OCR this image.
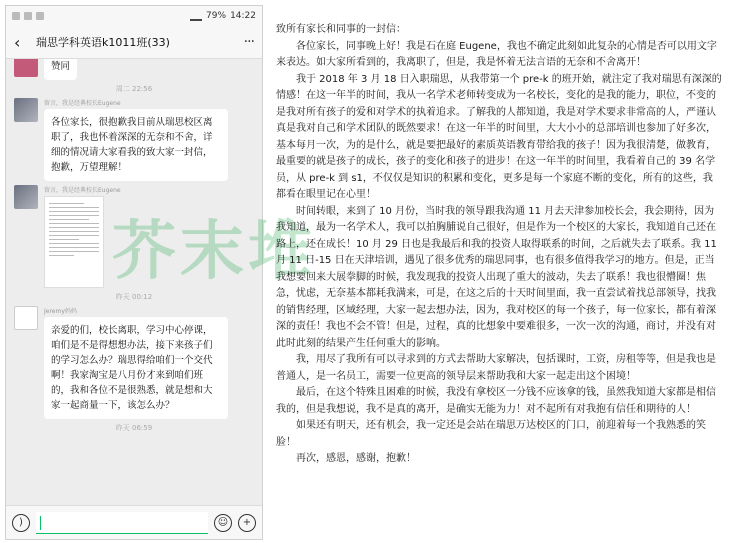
79% 14:22
‹	瑞思学科英语k1011班(33)	···
赞同
周二 22:56
留言，我是经典校长Eugene
各位家长，很抱歉我目前从瑞思校区离职了，我也怀着深深的无奈和不舍，详细的情况请大家看我的致大家一封信，抱歉，万望理解！
留言，我是经典校长Eugene
昨天 00:12
Jeremy妈妈
亲爱的们，校长离职，学习中心停课，咱们是不是得想想办法，接下来孩子们的学习怎么办？瑞思得给咱们一个交代啊！我家淘宝是八月份才来到咱们班的，我和各位不是很熟悉，就是想和大家一起商量一下，该怎么办？
昨天 06:59
)	☺	+
芥末堆

致所有家长和同事的一封信：

各位家长，同事晚上好！我是石在庭 Eugene，我也不确定此刻如此复杂的心情是否可以用文字来表达。如大家所看到的，我离职了，但是，我是怀着无法言语的无奈和不舍离开！

我于 2018 年 3 月 18 日入职瑞思，从我带第一个 pre-k 的班开始，就注定了我对瑞思有深深的情感！在这一年半的时间，我从一名学术老师转变成为一名校长，变化的是我的能力，职位，不变的是我对所有孩子的爱和对学术的执着追求。了解我的人都知道，我是对学术要求非常高的人，严谨认真是我对自己和学术团队的既然要求！在这一年半的时间里，大大小小的总部培训也参加了好多次，基本每月一次，为的是什么，就是要把最好的素质英语教育带给我的孩子！因为我很清楚，做教育，最重要的就是孩子的成长，孩子的变化和孩子的进步！在这一年半的时间里，我看着自己的 39 名学员，从 pre-k 到 s1，不仅仅是知识的积累和变化，更多是每一个家庭不断的变化，所有的这些，我都看在眼里记在心里！

时间转眼，来到了 10 月份，当时我的领导跟我沟通 11 月去天津参加校长会，我会期待，因为我知道，最为一名学术人，我可以拍胸脯说自己很好，但是作为一个校区的大家长，我知道自己还在路上，还在成长！10 月 29 日也是我最后和我的投资人取得联系的时间，之后就失去了联系。我 11 月 11 日-15 日在天津培训，遇见了很多优秀的瑞思同事，也有很多值得我学习的地方。但是，正当我想要回来大展拳脚的时候，我发现我的投资人出现了重大的波动，失去了联系！我也很懵圈！焦急，忧虑，无奈基本都耗我满来，可是，在这之后的十天时间里面，我一直尝试着找总部领导，找我的销售经理，区域经理，大家一起去想办法，因为，我对校区的每一个孩子，每一位家长，都有着深深的责任！我也不会不管！但是，过程，真的比想象中要难很多，一次一次的沟通，商讨，并没有对此时此刻的结果产生任何重大的影响。

我，用尽了我所有可以寻求到的方式去帮助大家解决，包括课时，工资，房租等等，但是我也是普通人，是一名员工，需要一位更高的领导层来帮助我和大家一起走出这个困境！

最后，在这个特殊且困难的时候，我没有拿校区一分钱不应该拿的钱，虽然我知道大家都是相信我的，但是我想说，我不是真的离开，是确实无能为力！对不起所有对我抱有信任和期待的人！

如果还有明天，还有机会，我一定还是会站在瑞思万达校区的门口，前迎着每一个我熟悉的笑脸！

再次，感恩，感谢，抱歉！
